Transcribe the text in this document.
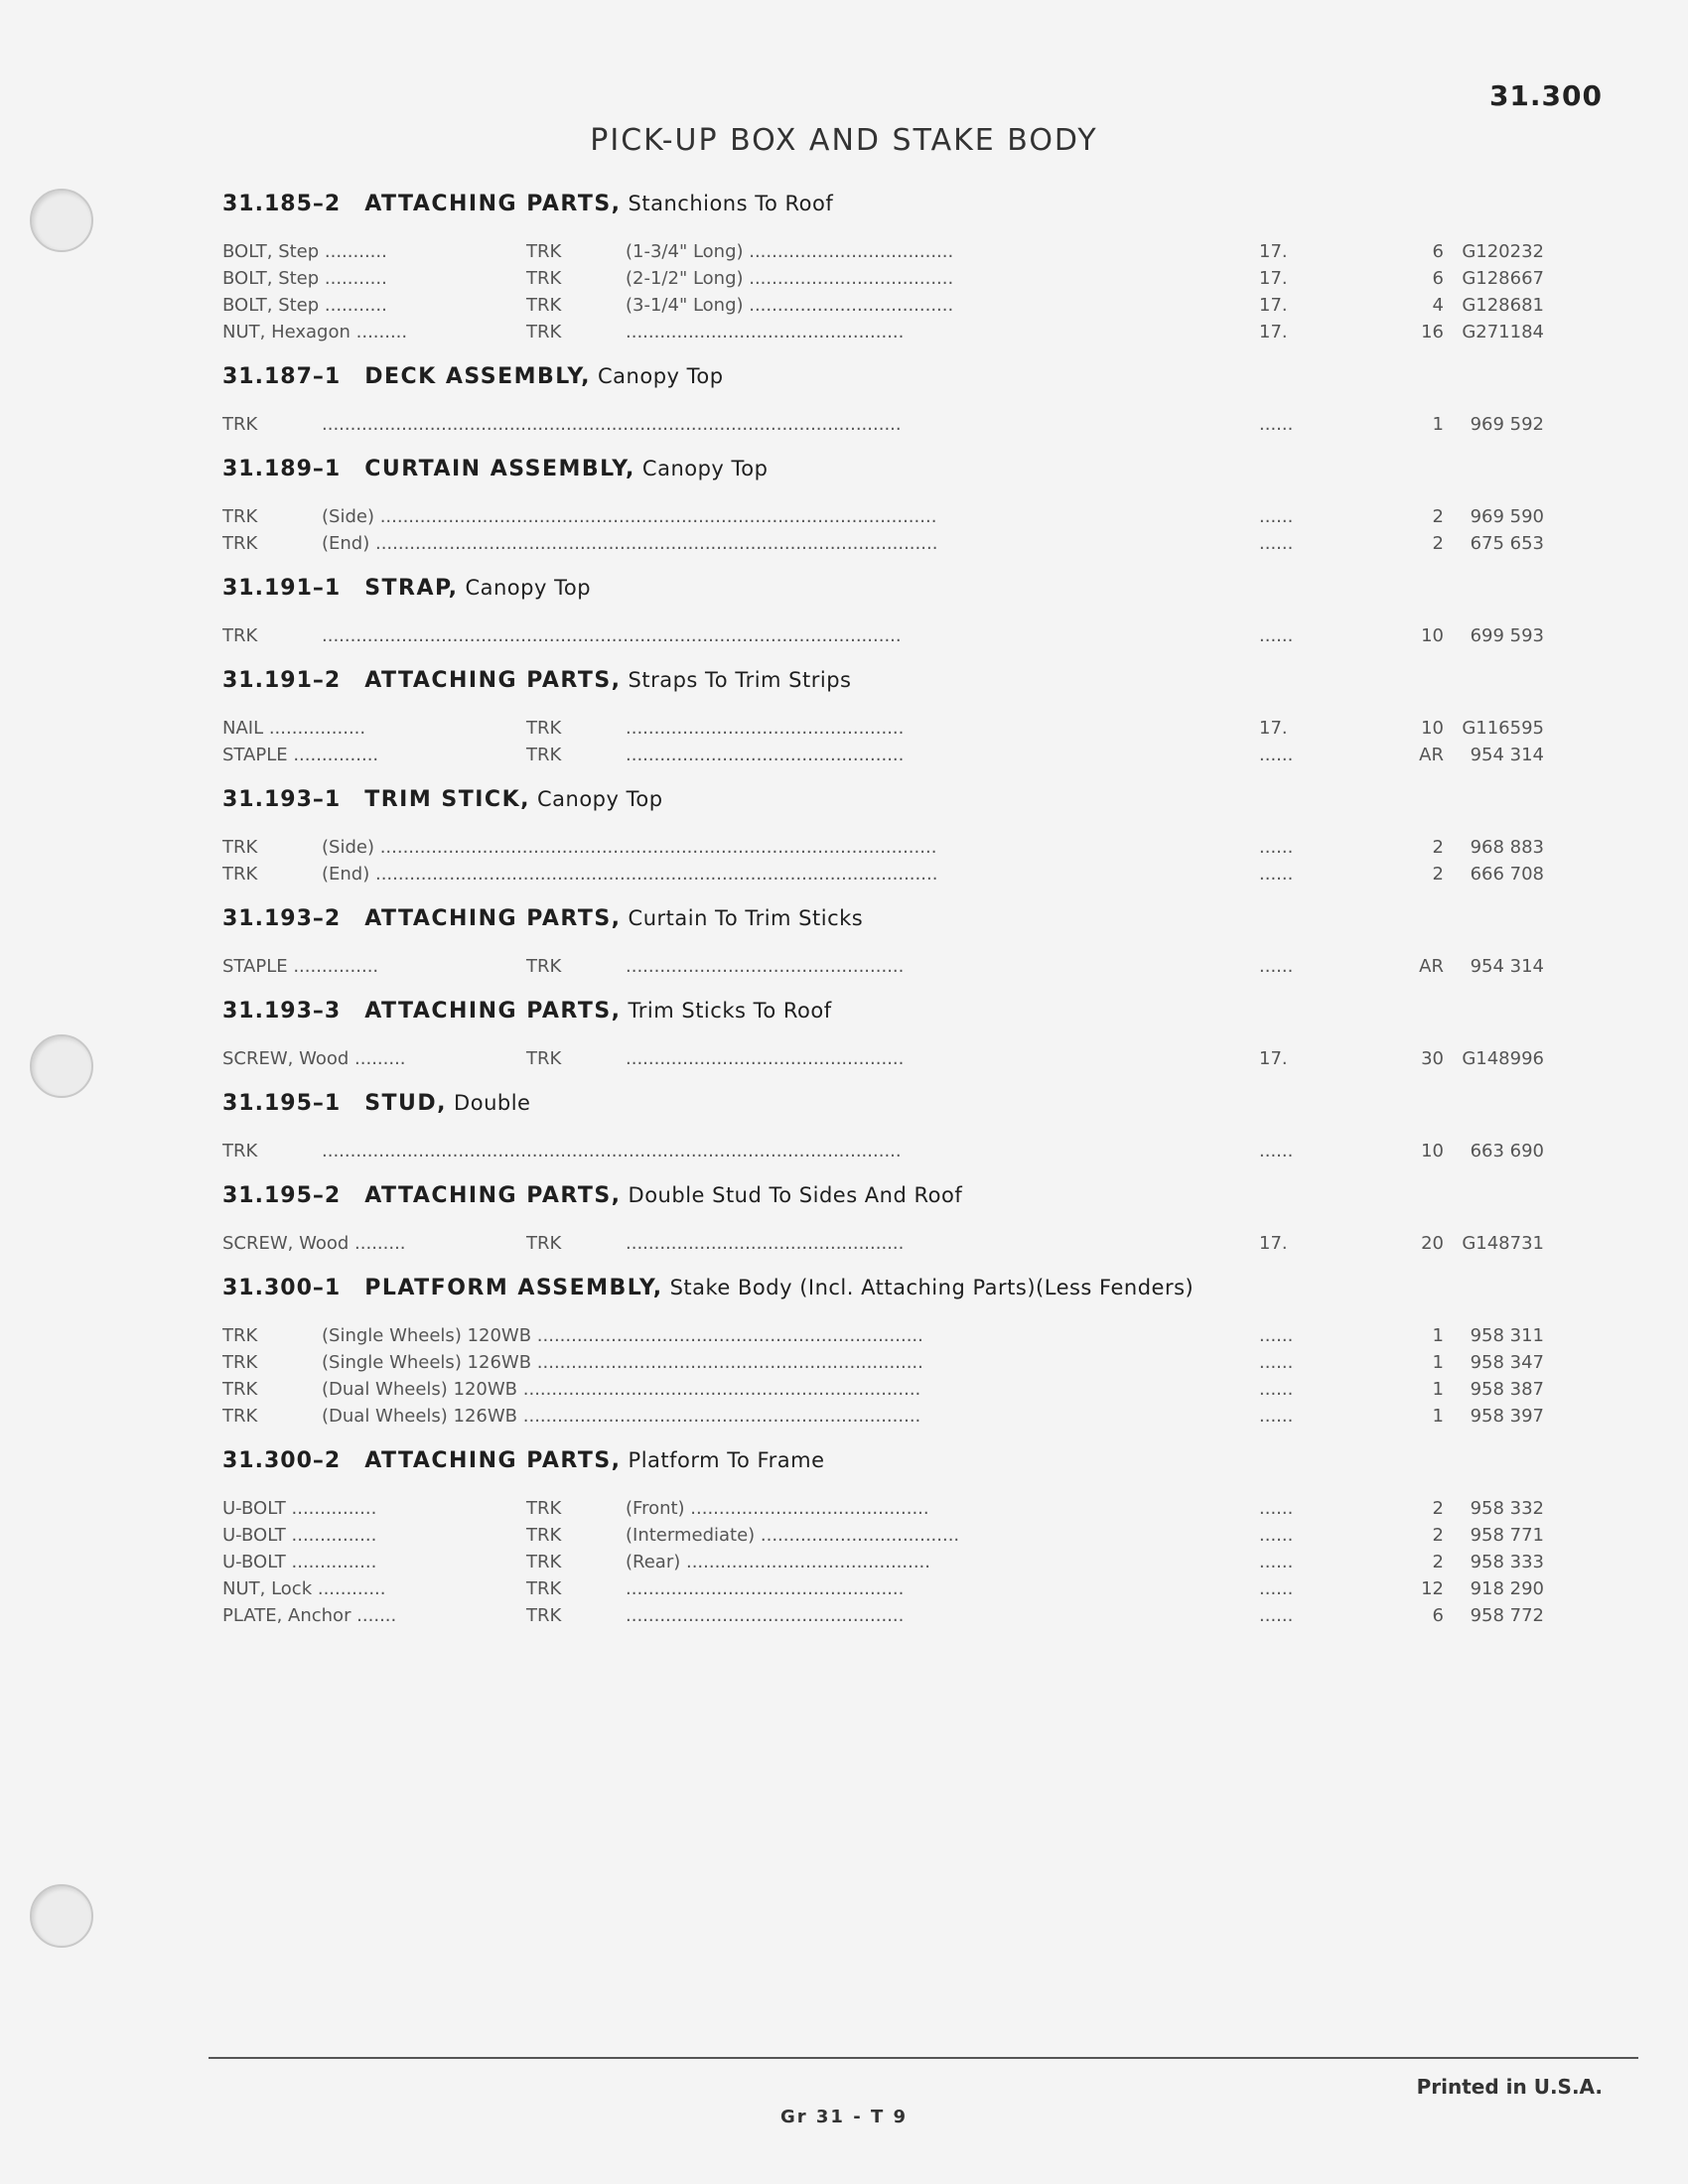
31.300
PICK-UP BOX AND STAKE BODY
31.185–2 ATTACHING PARTS, Stanchions To Roof
BOLT, Step ...........	TRK	(1-3/4" Long) ....................................	17.	6	G120232
BOLT, Step ...........	TRK	(2-1/2" Long) ....................................	17.	6	G128667
BOLT, Step ...........	TRK	(3-1/4" Long) ....................................	17.	4	G128681
NUT, Hexagon .........	TRK	.................................................	17.	16	G271184
31.187–1 DECK ASSEMBLY, Canopy Top
TRK	......................................................................................................	......	1	969 592
31.189–1 CURTAIN ASSEMBLY, Canopy Top
TRK	(Side) ..................................................................................................	......	2	969 590
TRK	(End) ...................................................................................................	......	2	675 653
31.191–1 STRAP, Canopy Top
TRK	......................................................................................................	......	10	699 593
31.191–2 ATTACHING PARTS, Straps To Trim Strips
NAIL .................	TRK	.................................................	17.	10	G116595
STAPLE ...............	TRK	.................................................	......	AR	954 314
31.193–1 TRIM STICK, Canopy Top
TRK	(Side) ..................................................................................................	......	2	968 883
TRK	(End) ...................................................................................................	......	2	666 708
31.193–2 ATTACHING PARTS, Curtain To Trim Sticks
STAPLE ...............	TRK	.................................................	......	AR	954 314
31.193–3 ATTACHING PARTS, Trim Sticks To Roof
SCREW, Wood .........	TRK	.................................................	17.	30	G148996
31.195–1 STUD, Double
TRK	......................................................................................................	......	10	663 690
31.195–2 ATTACHING PARTS, Double Stud To Sides And Roof
SCREW, Wood .........	TRK	.................................................	17.	20	G148731
31.300–1 PLATFORM ASSEMBLY, Stake Body (Incl. Attaching Parts)(Less Fenders)
TRK	(Single Wheels) 120WB ....................................................................	......	1	958 311
TRK	(Single Wheels) 126WB ....................................................................	......	1	958 347
TRK	(Dual Wheels) 120WB ......................................................................	......	1	958 387
TRK	(Dual Wheels) 126WB ......................................................................	......	1	958 397
31.300–2 ATTACHING PARTS, Platform To Frame
U-BOLT ...............	TRK	(Front) ..........................................	......	2	958 332
U-BOLT ...............	TRK	(Intermediate) ...................................	......	2	958 771
U-BOLT ...............	TRK	(Rear) ...........................................	......	2	958 333
NUT, Lock ............	TRK	.................................................	......	12	918 290
PLATE, Anchor .......	TRK	.................................................	......	6	958 772
Printed in U.S.A.
Gr 31 - T 9
